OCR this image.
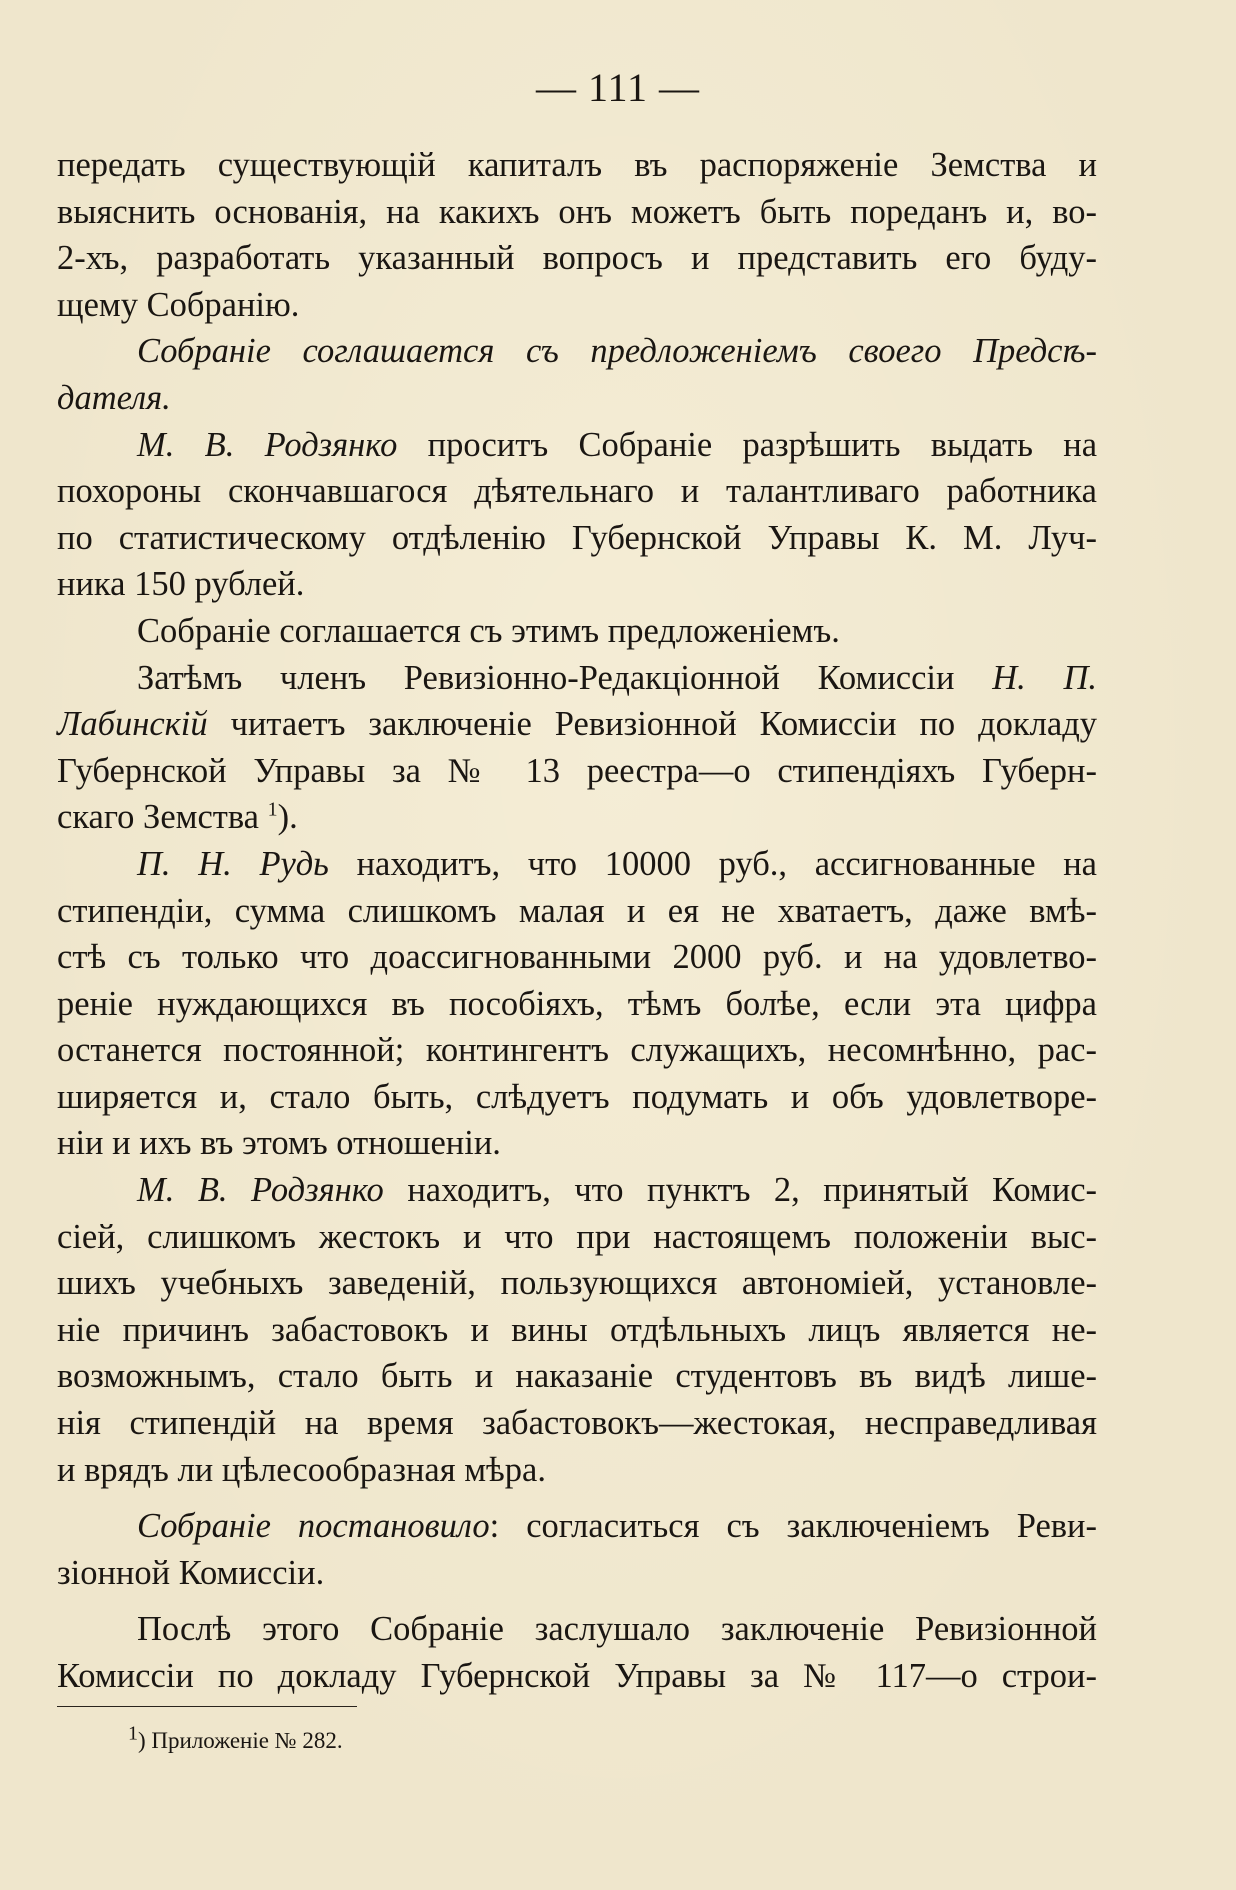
— 111 —
передать существующій капиталъ въ распоряженіе Земства и
выяснить основанія, на какихъ онъ можетъ быть пореданъ и, во-
2-хъ, разработать указанный вопросъ и представить его буду-
щему Собранію.
Собраніе соглашается съ предложеніемъ своего Предсѣ-
дателя.
М. В. Родзянко проситъ Собраніе разрѣшить выдать на
похороны скончавшагося дѣятельнаго и талантливаго работника
по статистическому отдѣленію Губернской Управы К. М. Луч-
ника 150 рублей.
Собраніе соглашается съ этимъ предложеніемъ.
Затѣмъ членъ Ревизіонно-Редакціонной Комиссіи Н. П.
Лабинскій читаетъ заключеніе Ревизіонной Комиссіи по докладу
Губернской Управы за № 13 реестра—о стипендіяхъ Губерн-
скаго Земства $^1$).
П. Н. Рудь находитъ, что 10000 руб., ассигнованные на
стипендіи, сумма слишкомъ малая и ея не хватаетъ, даже вмѣ-
стѣ съ только что доассигнованными 2000 руб. и на удовлетво-
реніе нуждающихся въ пособіяхъ, тѣмъ болѣе, если эта цифра
останется постоянной; контингентъ служащихъ, несомнѣнно, рас-
ширяется и, стало быть, слѣдуетъ подумать и объ удовлетворе-
ніи и ихъ въ этомъ отношеніи.
М. В. Родзянко находитъ, что пунктъ 2, принятый Комис-
сіей, слишкомъ жестокъ и что при настоящемъ положеніи выс-
шихъ учебныхъ заведеній, пользующихся автономіей, установле-
ніе причинъ забастовокъ и вины отдѣльныхъ лицъ является не-
возможнымъ, стало быть и наказаніе студентовъ въ видѣ лише-
нія стипендій на время забастовокъ—жестокая, несправедливая
и врядъ ли цѣлесообразная мѣра.
Собраніе постановило: согласиться съ заключеніемъ Реви-
зіонной Комиссіи.
Послѣ этого Собраніе заслушало заключеніе Ревизіонной
Комиссіи по докладу Губернской Управы за № 117—о строи-
1) Приложеніе № 282.
